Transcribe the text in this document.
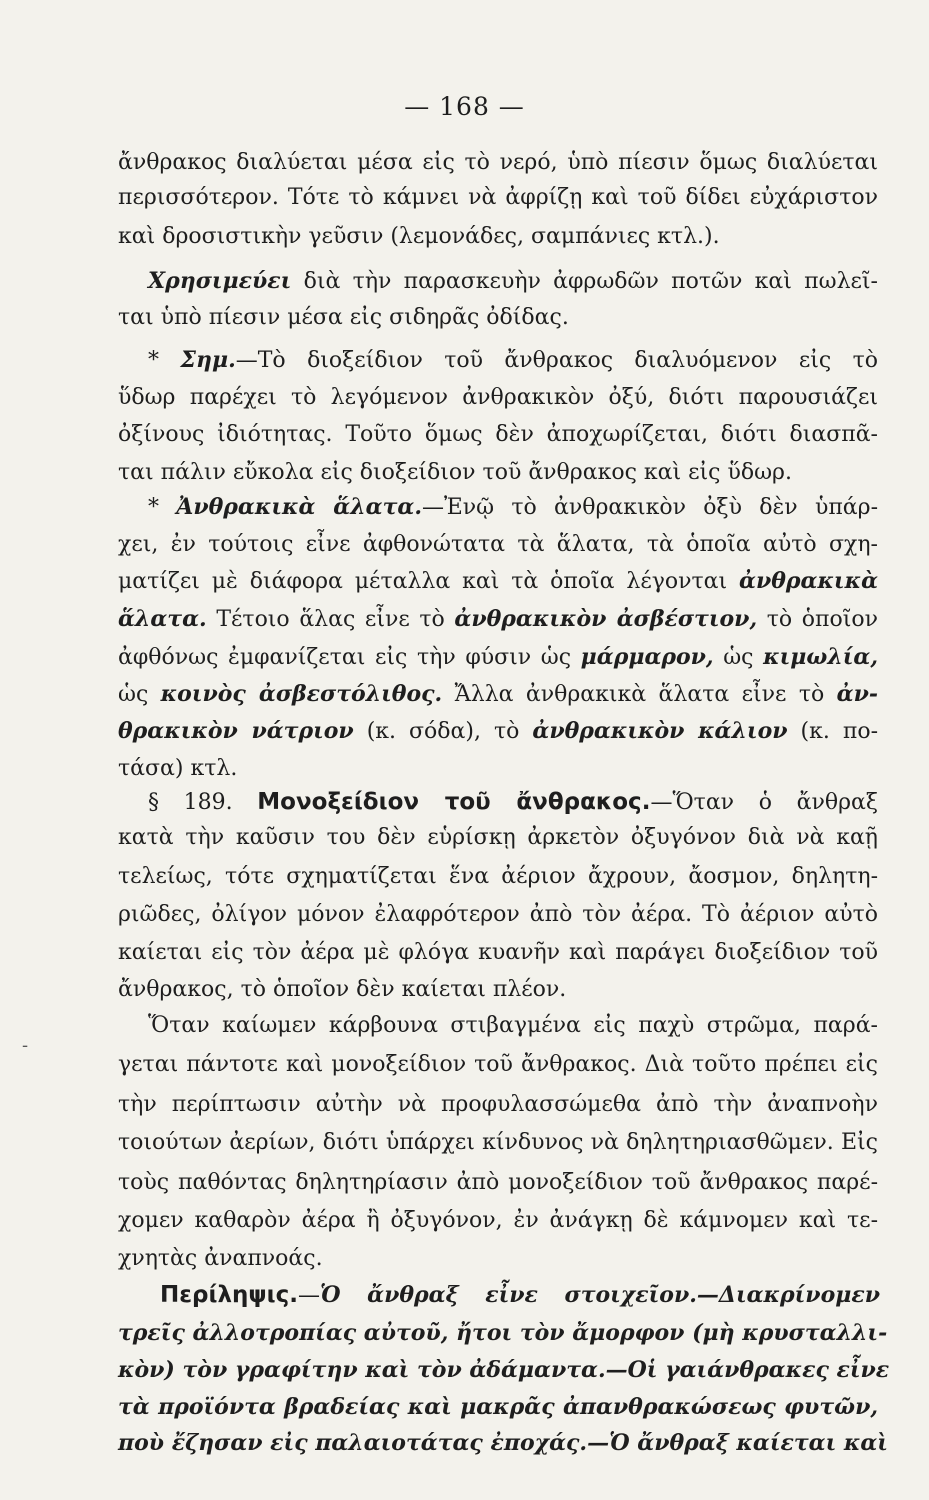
— 168 —
-
ἄνθρακος διαλύεται μέσα εἰς τὸ νερό, ὑπὸ πίεσιν ὅμως διαλύεται
περισσότερον. Τότε τὸ κάμνει νὰ ἀφρίζῃ καὶ τοῦ δίδει εὐχάριστον
καὶ δροσιστικὴν γεῦσιν (λεμονάδες, σαμπάνιες κτλ.).
Χρησιμεύει διὰ τὴν παρασκευὴν ἀφρωδῶν ποτῶν καὶ πωλεῖ-
ται ὑπὸ πίεσιν μέσα εἰς σιδηρᾶς ὀδίδας.
* Σημ.—Τὸ διοξείδιον τοῦ ἄνθρακος διαλυόμενον εἰς τὸ
ὕδωρ παρέχει τὸ λεγόμενον ἀνθρακικὸν ὀξύ, διότι παρουσιάζει
ὀξίνους ἰδιότητας. Τοῦτο ὅμως δὲν ἀποχωρίζεται, διότι διασπᾶ-
ται πάλιν εὔκολα εἰς διοξείδιον τοῦ ἄνθρακος καὶ εἰς ὕδωρ.
* Ἀνθρακικὰ ἅλατα.—Ἐνῷ τὸ ἀνθρακικὸν ὀξὺ δὲν ὑπάρ-
χει, ἐν τούτοις εἶνε ἀφθονώτατα τὰ ἅλατα, τὰ ὁποῖα αὐτὸ σχη-
ματίζει μὲ διάφορα μέταλλα καὶ τὰ ὁποῖα λέγονται ἀνθρακικὰ
ἅλατα. Τέτοιο ἅλας εἶνε τὸ ἀνθρακικὸν ἀσβέστιον, τὸ ὁποῖον
ἀφθόνως ἐμφανίζεται εἰς τὴν φύσιν ὡς μάρμαρον, ὡς κιμωλία,
ὡς κοινὸς ἀσβεστόλιθος. Ἄλλα ἀνθρακικὰ ἅλατα εἶνε τὸ ἀν-
θρακικὸν νάτριον (κ. σόδα), τὸ ἀνθρακικὸν κάλιον (κ. πο-
τάσα) κτλ.
§ 189. Μονοξείδιον τοῦ ἄνθρακος.—Ὅταν ὁ ἄνθραξ
κατὰ τὴν καῦσιν του δὲν εὑρίσκῃ ἀρκετὸν ὀξυγόνον διὰ νὰ καῇ
τελείως, τότε σχηματίζεται ἕνα ἀέριον ἄχρουν, ἄοσμον, δηλητη-
ριῶδες, ὀλίγον μόνον ἐλαφρότερον ἀπὸ τὸν ἀέρα. Τὸ ἀέριον αὐτὸ
καίεται εἰς τὸν ἀέρα μὲ φλόγα κυανῆν καὶ παράγει διοξείδιον τοῦ
ἄνθρακος, τὸ ὁποῖον δὲν καίεται πλέον.
Ὅταν καίωμεν κάρβουνα στιβαγμένα εἰς παχὺ στρῶμα, παρά-
γεται πάντοτε καὶ μονοξείδιον τοῦ ἄνθρακος. Διὰ τοῦτο πρέπει εἰς
τὴν περίπτωσιν αὐτὴν νὰ προφυλασσώμεθα ἀπὸ τὴν ἀναπνοὴν
τοιούτων ἀερίων, διότι ὑπάρχει κίνδυνος νὰ δηλητηριασθῶμεν. Εἰς
τοὺς παθόντας δηλητηρίασιν ἀπὸ μονοξείδιον τοῦ ἄνθρακος παρέ-
χομεν καθαρὸν ἀέρα ἢ ὀξυγόνον, ἐν ἀνάγκῃ δὲ κάμνομεν καὶ τε-
χνητὰς ἀναπνοάς.
Περίληψις.—Ὁ ἄνθραξ εἶνε στοιχεῖον.—Διακρίνομεν
τρεῖς ἀλλοτροπίας αὐτοῦ, ἤτοι τὸν ἄμορφον (μὴ κρυσταλλι-
κὸν) τὸν γραφίτην καὶ τὸν ἀδάμαντα.—Οἱ γαιάνθρακες εἶνε
τὰ προϊόντα βραδείας καὶ μακρᾶς ἀπανθρακώσεως φυτῶν,
ποὺ ἔζησαν εἰς παλαιοτάτας ἐποχάς.—Ὁ ἄνθραξ καίεται καὶ
